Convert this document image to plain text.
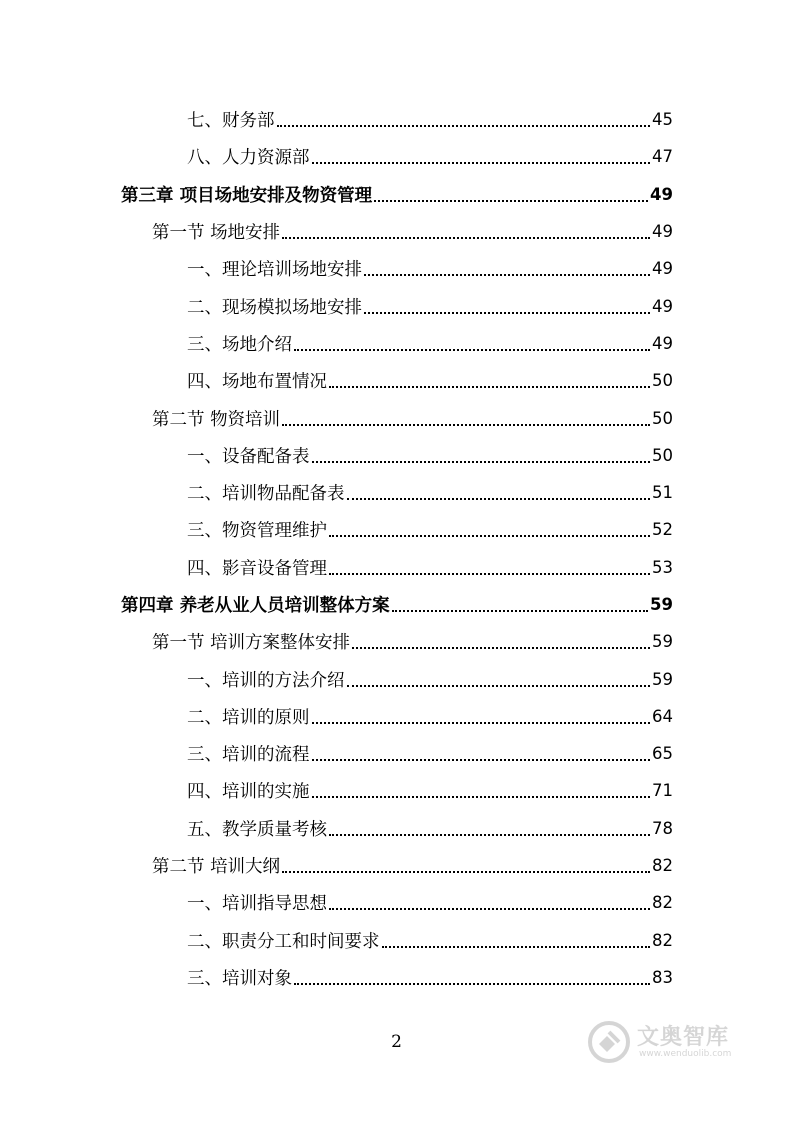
七、财务部	45
八、人力资源部	47
第三章 项目场地安排及物资管理	49
第一节 场地安排	49
一、理论培训场地安排	49
二、现场模拟场地安排	49
三、场地介绍	49
四、场地布置情况	50
第二节 物资培训	50
一、设备配备表	50
二、培训物品配备表	51
三、物资管理维护	52
四、影音设备管理	53
第四章 养老从业人员培训整体方案	59
第一节 培训方案整体安排	59
一、培训的方法介绍	59
二、培训的原则	64
三、培训的流程	65
四、培训的实施	71
五、教学质量考核	78
第二节 培训大纲	82
一、培训指导思想	82
二、职责分工和时间要求	82
三、培训对象	83
2	文奥智库
www.wenduolib.com
